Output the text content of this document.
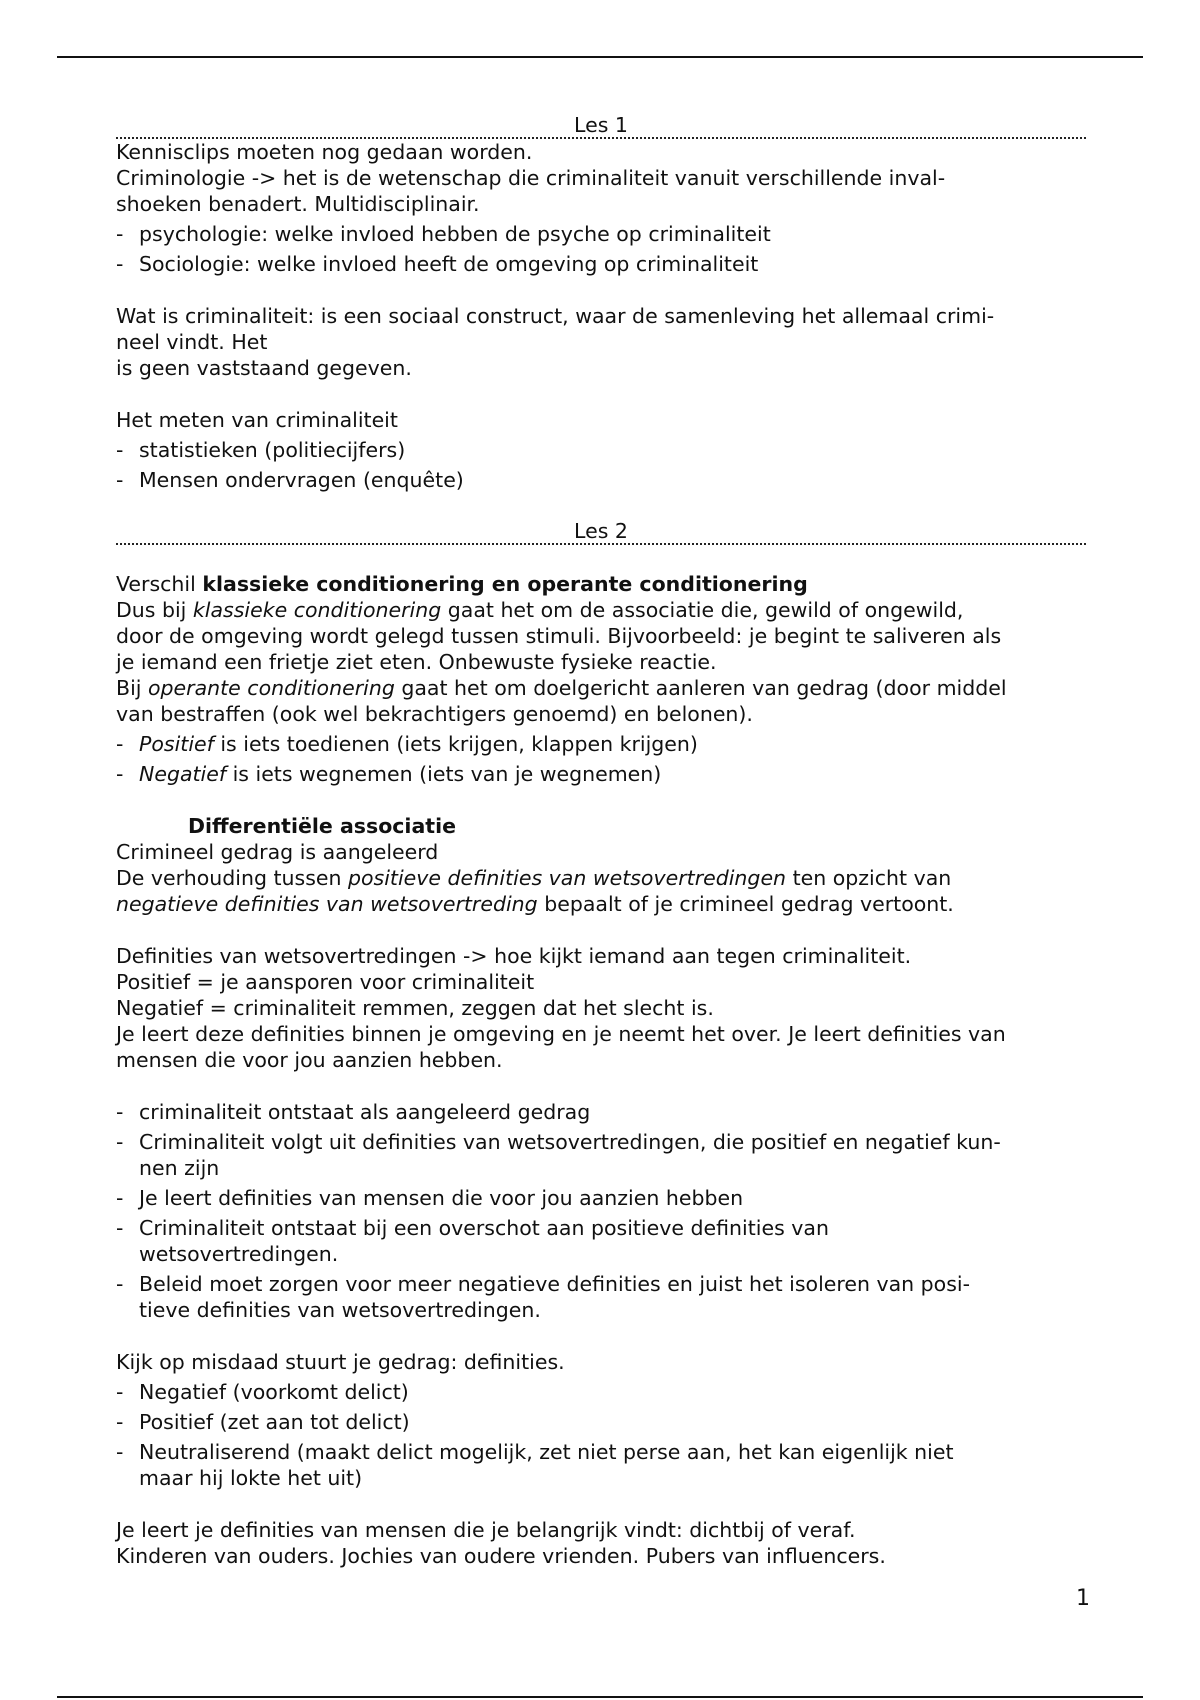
Les 1

Kennisclips moeten nog gedaan worden.

Criminologie -> het is de wetenschap die criminaliteit vanuit verschillende inval-

shoeken benadert. Multidisciplinair.

- psychologie: welke invloed hebben de psyche op criminaliteit
- Sociologie: welke invloed heeft de omgeving op criminaliteit

Wat is criminaliteit: is een sociaal construct, waar de samenleving het allemaal crimi-

neel vindt. Het

is geen vaststaand gegeven.

Het meten van criminaliteit

- statistieken (politiecijfers)
- Mensen ondervragen (enquête)
Les 2

Verschil klassieke conditionering en operante conditionering

Dus bij klassieke conditionering gaat het om de associatie die, gewild of ongewild,

door de omgeving wordt gelegd tussen stimuli. Bijvoorbeeld: je begint te saliveren als

je iemand een frietje ziet eten. Onbewuste fysieke reactie.

Bij operante conditionering gaat het om doelgericht aanleren van gedrag (door middel

van bestraffen (ook wel bekrachtigers genoemd) en belonen).

- Positief is iets toedienen (iets krijgen, klappen krijgen)
- Negatief is iets wegnemen (iets van je wegnemen)

Differentiële associatie

Crimineel gedrag is aangeleerd

De verhouding tussen positieve definities van wetsovertredingen ten opzicht van

negatieve definities van wetsovertreding bepaalt of je crimineel gedrag vertoont.

Definities van wetsovertredingen -> hoe kijkt iemand aan tegen criminaliteit.

Positief = je aansporen voor criminaliteit

Negatief = criminaliteit remmen, zeggen dat het slecht is.

Je leert deze definities binnen je omgeving en je neemt het over. Je leert definities van

mensen die voor jou aanzien hebben.

- criminaliteit ontstaat als aangeleerd gedrag
- Criminaliteit volgt uit definities van wetsovertredingen, die positief en negatief kun-
nen zijn
- Je leert definities van mensen die voor jou aanzien hebben
- Criminaliteit ontstaat bij een overschot aan positieve definities van
wetsovertredingen.
- Beleid moet zorgen voor meer negatieve definities en juist het isoleren van posi-
tieve definities van wetsovertredingen.

Kijk op misdaad stuurt je gedrag: definities.

- Negatief (voorkomt delict)
- Positief (zet aan tot delict)
- Neutraliserend (maakt delict mogelijk, zet niet perse aan, het kan eigenlijk niet
maar hij lokte het uit)

Je leert je definities van mensen die je belangrijk vindt: dichtbij of veraf.

Kinderen van ouders. Jochies van oudere vrienden. Pubers van influencers.

1
